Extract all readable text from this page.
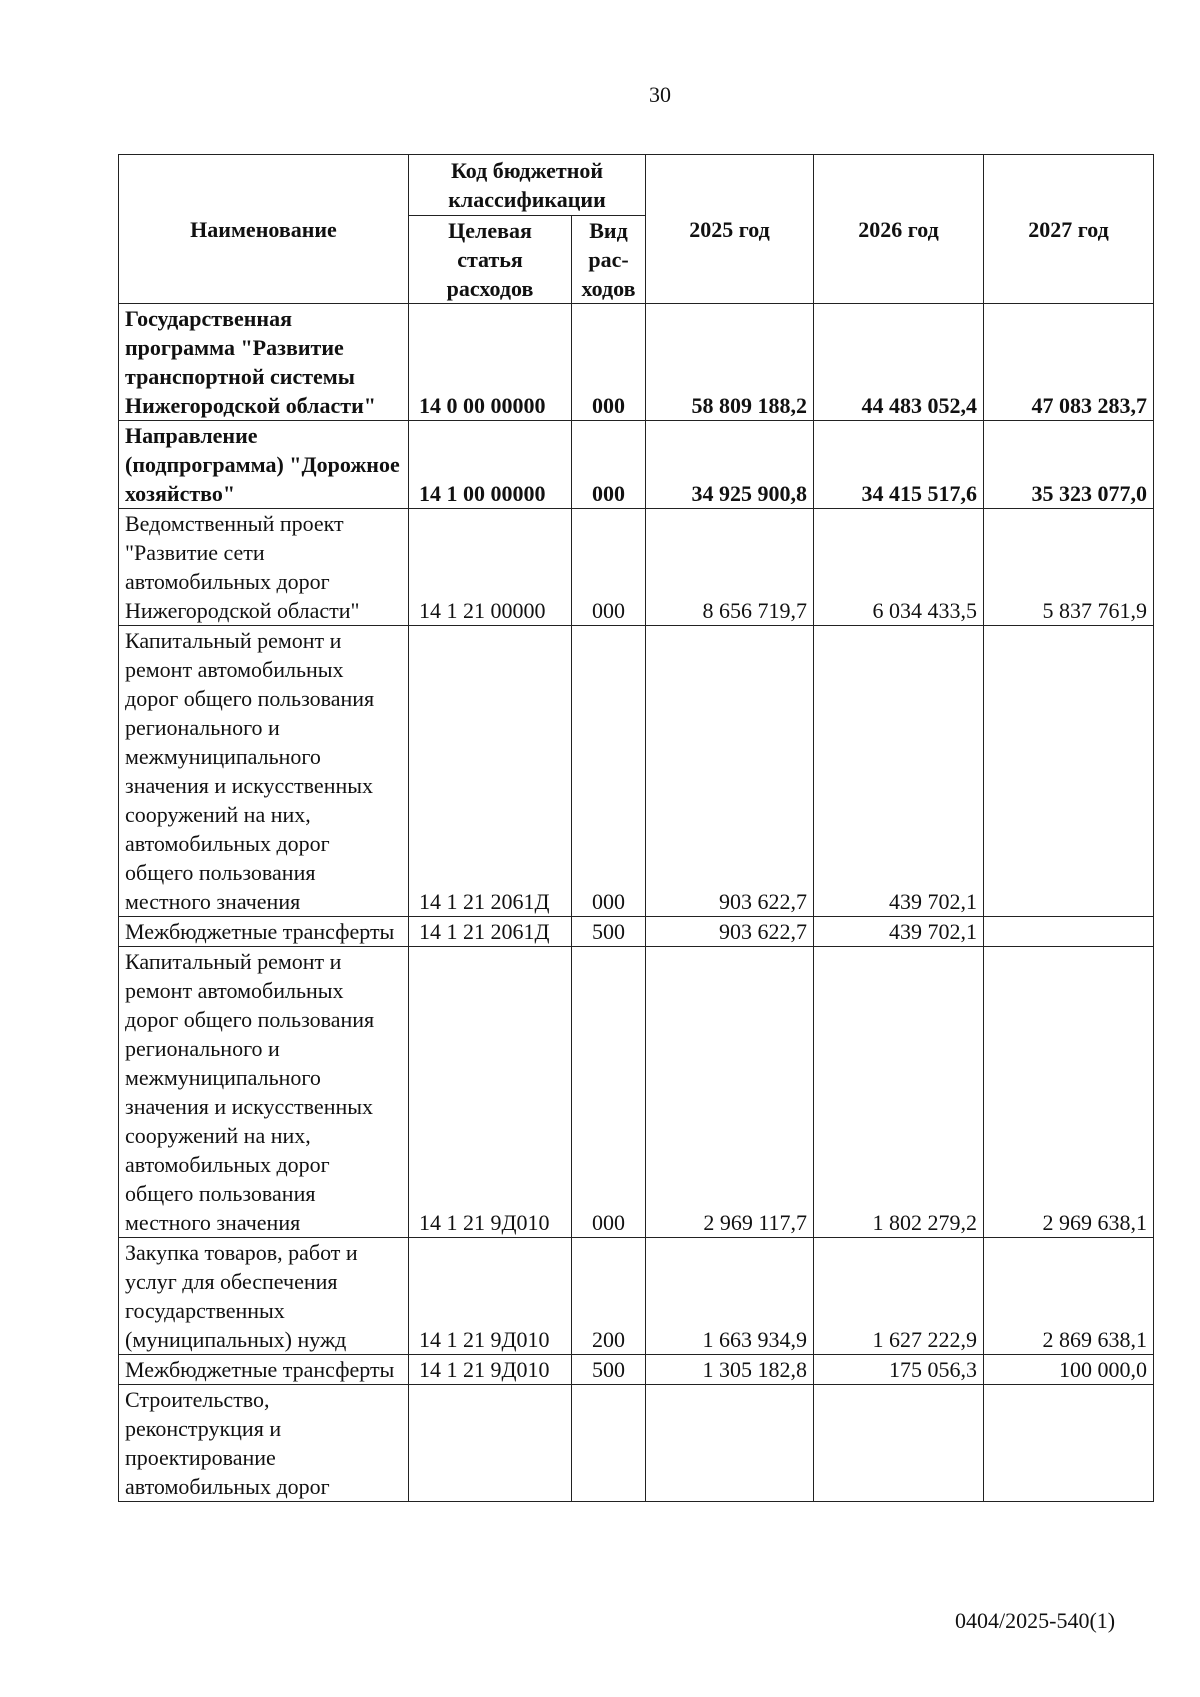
30
Наименование	Код бюджетной классификации		2025 год	2026 год	2027 год
	Целевая статья расходов	Вид рас-ходов			
Государственная программа "Развитие транспортной системы Нижегородской области"	14 0 00 00000	000	58 809 188,2	44 483 052,4	47 083 283,7
Направление (подпрограмма) "Дорожное хозяйство"	14 1 00 00000	000	34 925 900,8	34 415 517,6	35 323 077,0
Ведомственный проект "Развитие сети автомобильных дорог Нижегородской области"	14 1 21 00000	000	8 656 719,7	6 034 433,5	5 837 761,9
Капитальный ремонт и ремонт автомобильных дорог общего пользования регионального и межмуниципального значения и искусственных сооружений на них, автомобильных дорог общего пользования местного значения	14 1 21 2061Д	000	903 622,7	439 702,1	
Межбюджетные трансферты	14 1 21 2061Д	500	903 622,7	439 702,1	
Капитальный ремонт и ремонт автомобильных дорог общего пользования регионального и межмуниципального значения и искусственных сооружений на них, автомобильных дорог общего пользования местного значения	14 1 21 9Д010	000	2 969 117,7	1 802 279,2	2 969 638,1
Закупка товаров, работ и услуг для обеспечения государственных (муниципальных) нужд	14 1 21 9Д010	200	1 663 934,9	1 627 222,9	2 869 638,1
Межбюджетные трансферты	14 1 21 9Д010	500	1 305 182,8	175 056,3	100 000,0
Строительство, реконструкция и проектирование автомобильных дорог					
0404/2025-540(1)
